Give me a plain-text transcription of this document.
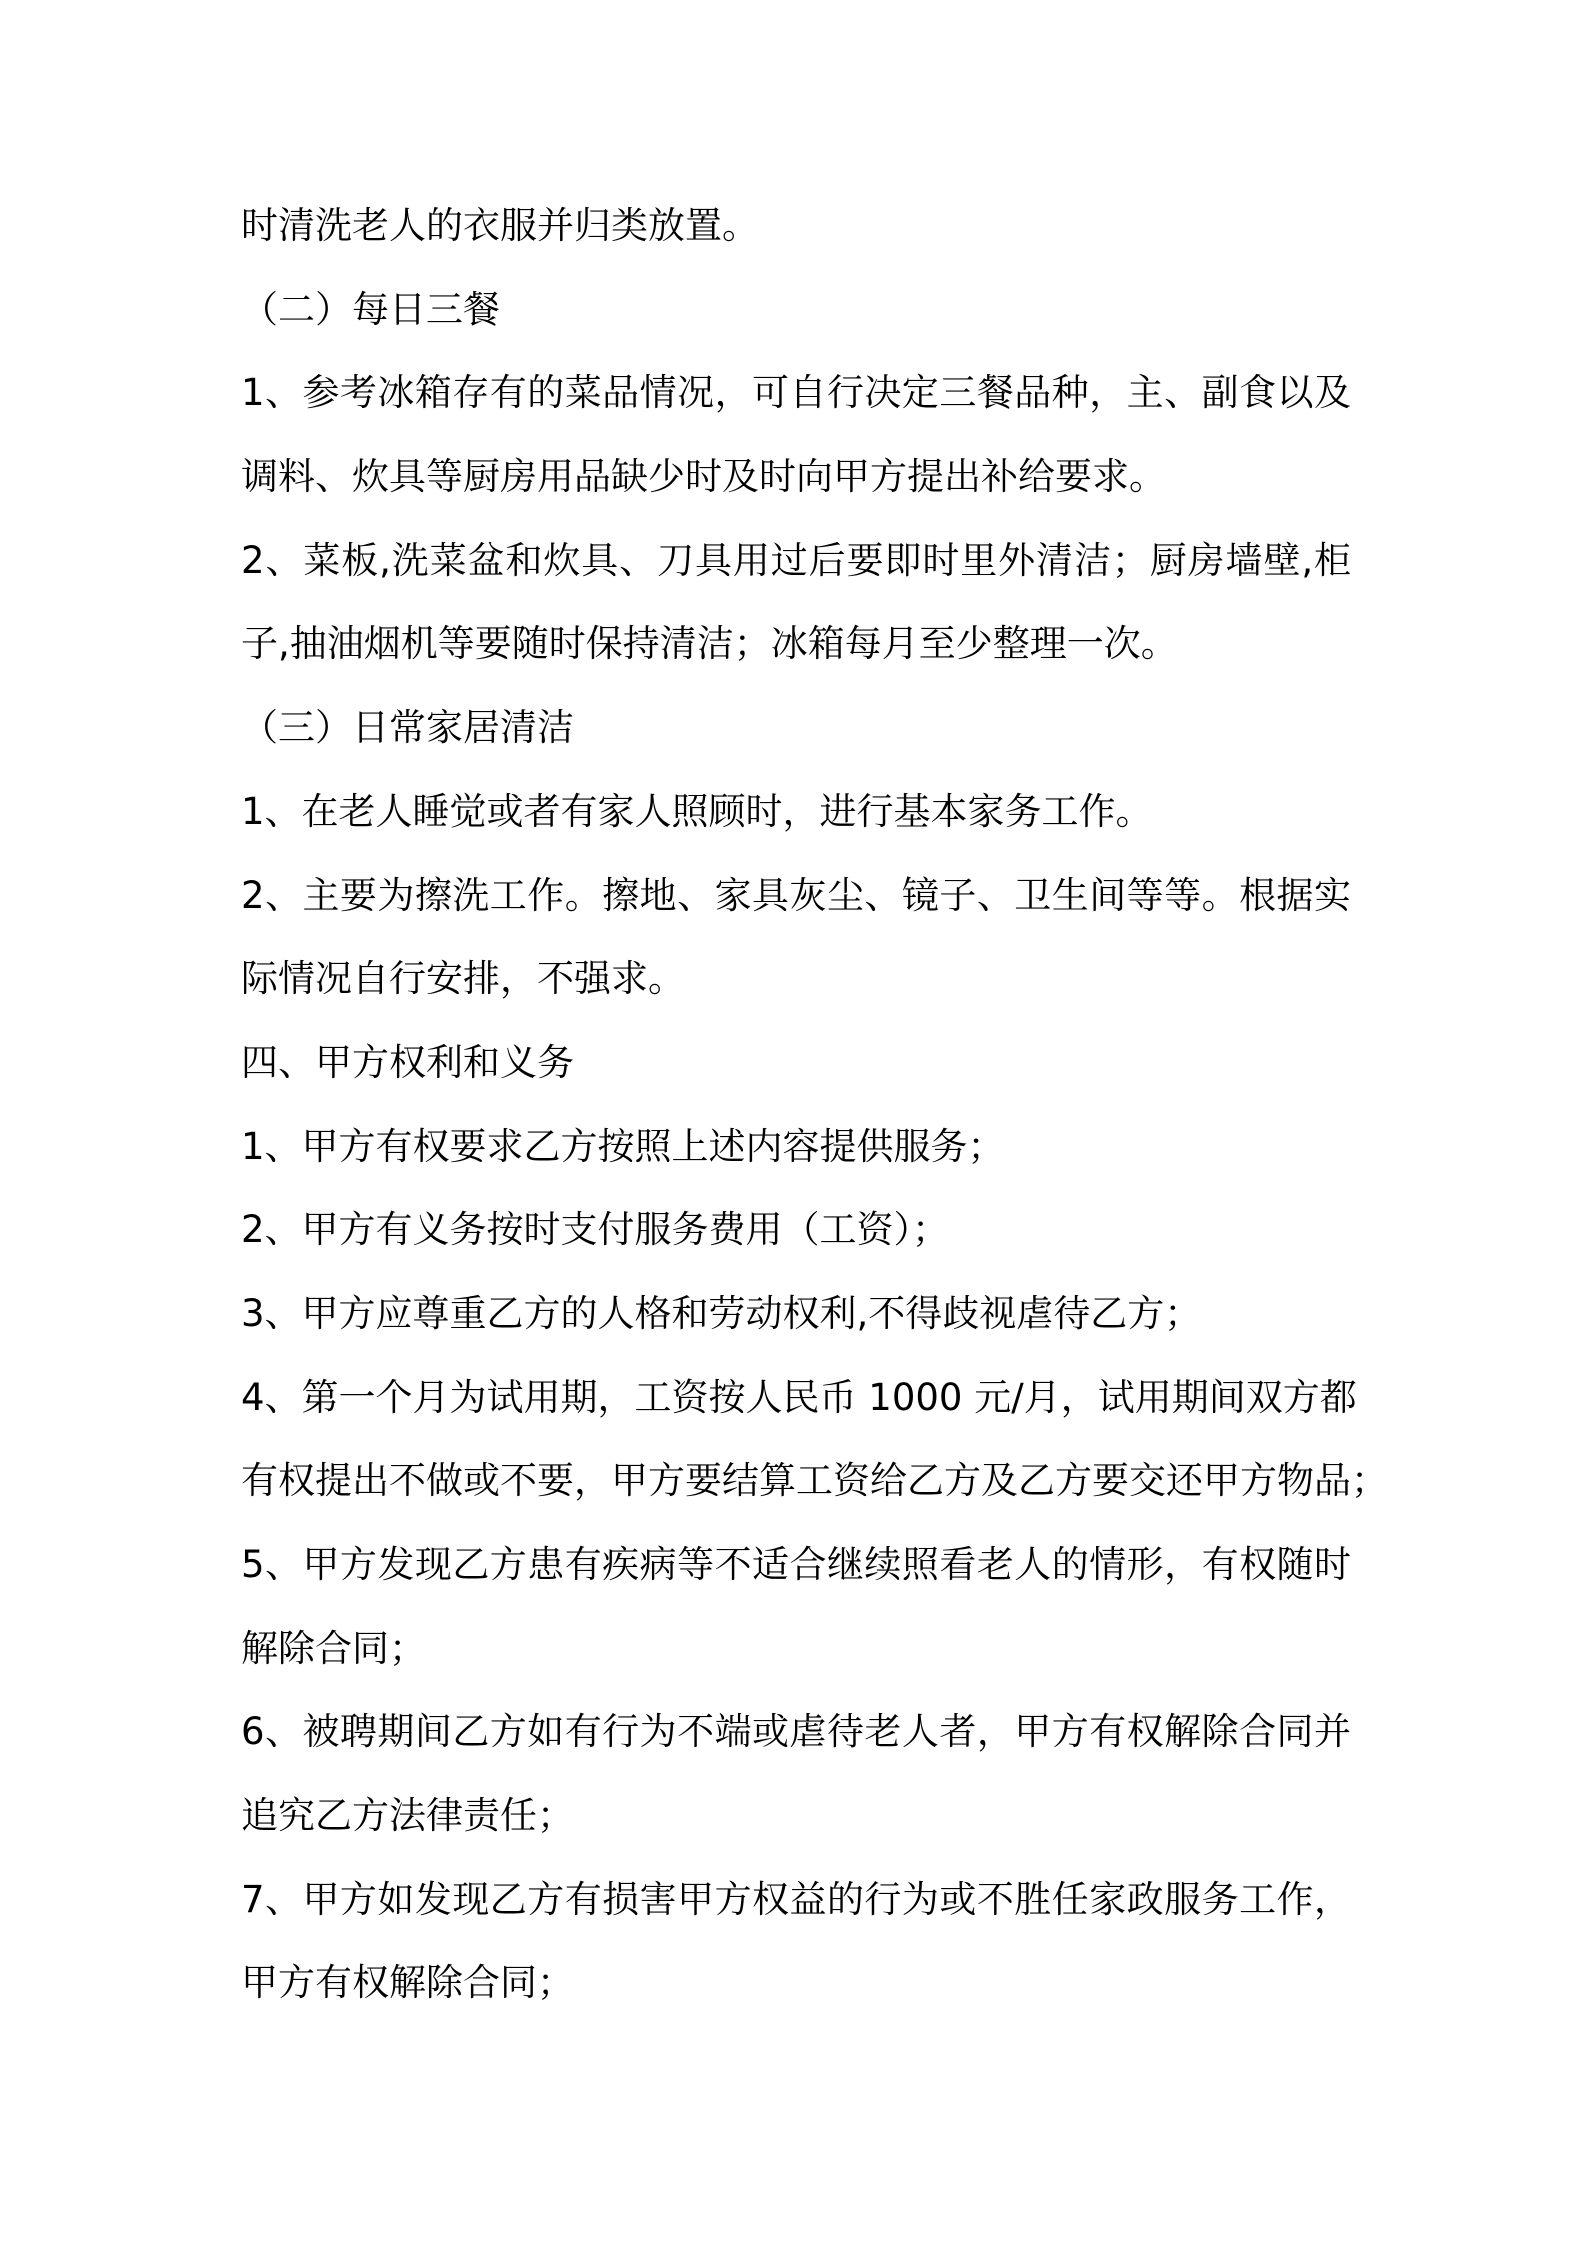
时清洗老人的衣服并归类放置。
（二）每日三餐
1、参考冰箱存有的菜品情况，可自行决定三餐品种，主、副食以及
调料、炊具等厨房用品缺少时及时向甲方提出补给要求。
2、菜板,洗菜盆和炊具、刀具用过后要即时里外清洁；厨房墙壁,柜
子,抽油烟机等要随时保持清洁；冰箱每月至少整理一次。
（三）日常家居清洁
1、在老人睡觉或者有家人照顾时，进行基本家务工作。
2、主要为擦洗工作。擦地、家具灰尘、镜子、卫生间等等。根据实
际情况自行安排，不强求。
四、甲方权利和义务
1、甲方有权要求乙方按照上述内容提供服务；
2、甲方有义务按时支付服务费用（工资）；
3、甲方应尊重乙方的人格和劳动权利,不得歧视虐待乙方；
4、第一个月为试用期，工资按人民币 1000 元/月，试用期间双方都
有权提出不做或不要，甲方要结算工资给乙方及乙方要交还甲方物品；
5、甲方发现乙方患有疾病等不适合继续照看老人的情形，有权随时
解除合同；
6、被聘期间乙方如有行为不端或虐待老人者，甲方有权解除合同并
追究乙方法律责任；
7、甲方如发现乙方有损害甲方权益的行为或不胜任家政服务工作，
甲方有权解除合同；
